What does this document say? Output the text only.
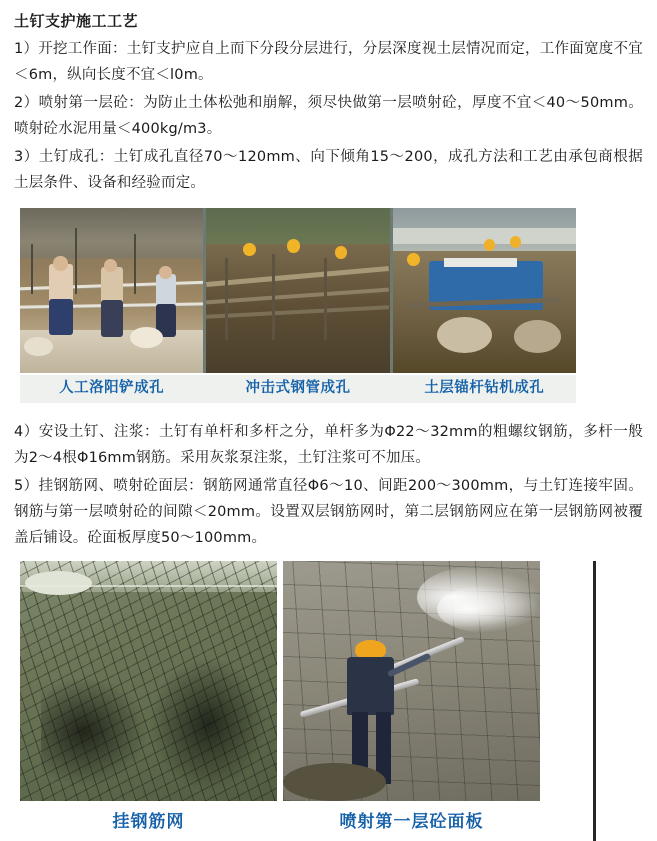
土钉支护施工工艺

1）开挖工作面：土钉支护应自上而下分段分层进行，分层深度视土层情况而定，工作面宽度不宜＜6m，纵向长度不宜＜l0m。

2）喷射第一层砼：为防止土体松弛和崩解，须尽快做第一层喷射砼，厚度不宜＜40～50mm。喷射砼水泥用量＜400kg/m3。

3）土钉成孔：土钉成孔直径70～120mm、向下倾角15～200，成孔方法和工艺由承包商根据土层条件、设备和经验而定。

人工洛阳铲成孔	冲击式钢管成孔	土层锚杆钻机成孔

4）安设土钉、注浆：土钉有单杆和多杆之分，单杆多为Φ22～32mm的粗螺纹钢筋，多杆一般为2～4根Φ16mm钢筋。采用灰浆泵注浆，土钉注浆可不加压。

5）挂钢筋网、喷射砼面层：钢筋网通常直径Φ6～10、间距200～300mm，与土钉连接牢固。钢筋与第一层喷射砼的间隙＜20mm。设置双层钢筋网时，第二层钢筋网应在第一层钢筋网被覆盖后铺设。砼面板厚度50～100mm。

挂钢筋网	喷射第一层砼面板
